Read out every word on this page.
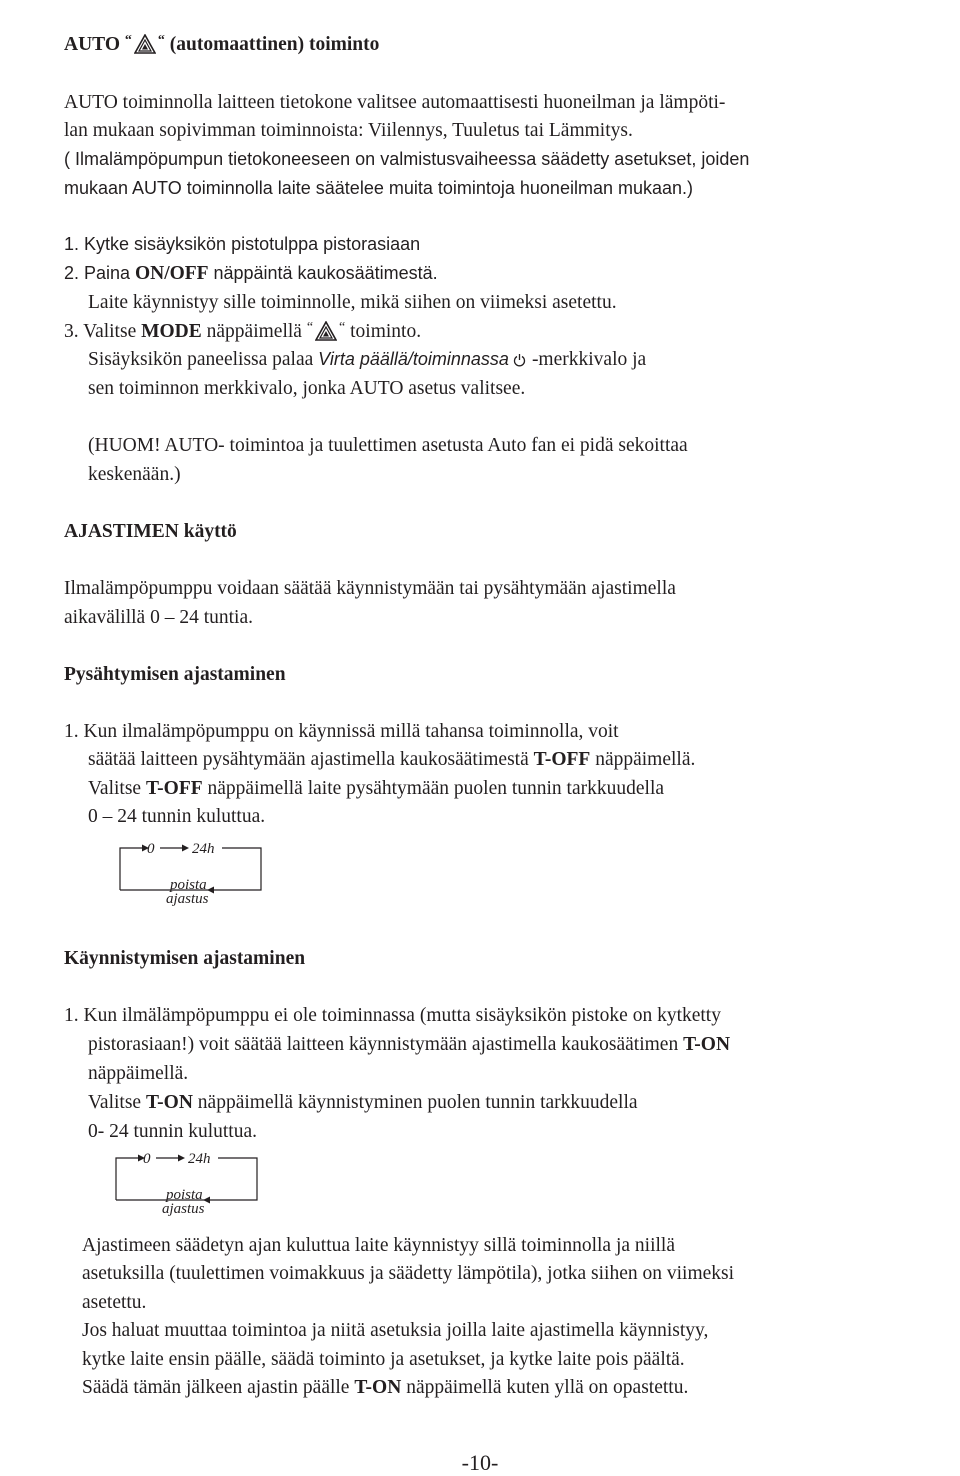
AUTO “ “ (automaattinen) toiminto

AUTO toiminnolla laitteen tietokone valitsee automaattisesti huoneilman ja lämpöti-

lan mukaan sopivimman toiminnoista: Viilennys, Tuuletus tai Lämmitys.

( Ilmalämpöpumpun tietokoneeseen on valmistusvaiheessa säädetty asetukset, joiden

mukaan AUTO toiminnolla laite säätelee muita toimintoja huoneilman mukaan.)

1. Kytke sisäyksikön pistotulppa pistorasiaan

2. Paina ON/OFF näppäintä kaukosäätimestä.

Laite käynnistyy sille toiminnolle, mikä siihen on viimeksi asetettu.

3. Valitse MODE näppäimellä “ “ toiminto.

Sisäyksikön paneelissa palaa Virta päällä/toiminnassa -merkkivalo ja

sen toiminnon merkkivalo, jonka AUTO asetus valitsee.

(HUOM! AUTO- toimintoa ja tuulettimen asetusta Auto fan ei pidä sekoittaa

keskenään.)

AJASTIMEN käyttö

Ilmalämpöpumppu voidaan säätää käynnistymään tai pysähtymään ajastimella

aikavälillä 0 – 24 tuntia.

Pysähtymisen ajastaminen

1. Kun ilmalämpöpumppu on käynnissä millä tahansa toiminnolla, voit

säätää laitteen pysähtymään ajastimella kaukosäätimestä T-OFF näppäimellä.

Valitse T-OFF näppäimellä laite pysähtymään puolen tunnin tarkkuudella

0 – 24 tunnin kuluttua.

0	24h
poista
ajastus

Käynnistymisen ajastaminen

1. Kun ilmälämpöpumppu ei ole toiminnassa (mutta sisäyksikön pistoke on kytketty

pistorasiaan!) voit säätää laitteen käynnistymään ajastimella kaukosäätimen T-ON

näppäimellä.

Valitse T-ON näppäimellä käynnistyminen puolen tunnin tarkkuudella

0- 24 tunnin kuluttua.

0	24h
poista
ajastus

Ajastimeen säädetyn ajan kuluttua laite käynnistyy sillä toiminnolla ja niillä

asetuksilla (tuulettimen voimakkuus ja säädetty lämpötila), jotka siihen on viimeksi

asetettu.

Jos haluat muuttaa toimintoa ja niitä asetuksia joilla laite ajastimella käynnistyy,

kytke laite ensin päälle, säädä toiminto ja asetukset, ja kytke laite pois päältä.

Säädä tämän jälkeen ajastin päälle T-ON näppäimellä kuten yllä on opastettu.

-10-
